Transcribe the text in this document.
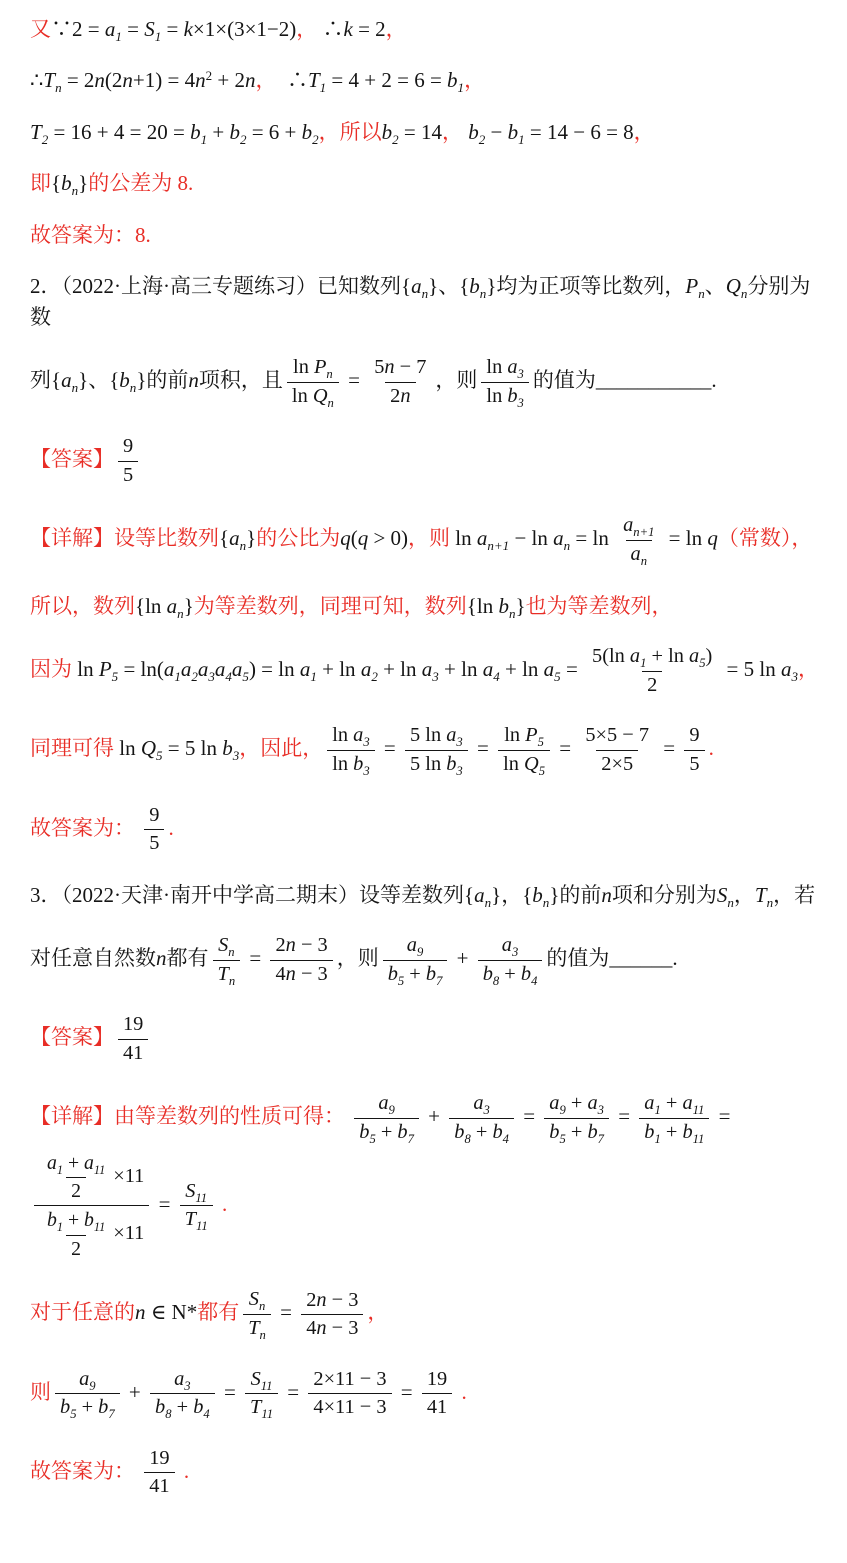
又∵2 = $a_1 = S_1 = k\times 1\times(3\times 1-2)$， ∴k = 2，
$\therefore T_n = 2n(2n+1) = 4n^2 + 2n$，  $\therefore T_1 = 4 + 2 = 6 = b_1$，
$T_2 = 16 + 4 = 20 = b_1 + b_2 = 6 + b_2$，所以$b_2 = 14$， $b_2 - b_1 = 14 - 6 = 8$，
即$\{b_n\}$的公差为 8.
故答案为：8.
2．（2022·上海·高三专题练习）已知数列$\{a_n\}$、$\{b_n\}$均为正项等比数列，$P_n$、$Q_n$分别为数
列$\{a_n\}$、$\{b_n\}$的前n项积，且 $\frac{\ln P_n}{\ln Q_n} = \frac{5n - 7}{2n}$ ，则 $\frac{\ln a_3}{\ln b_3}$ 的值为___________.
【答案】 $\frac{9}{5}$
【详解】设等比数列$\{a_n\}$的公比为q(q > 0)，则 $\ln a_{n+1} - \ln a_n = \ln \frac{a_{n+1}}{a_n} = \ln q$（常数），
所以，数列{ln $a_n$}为等差数列，同理可知，数列{ln $b_n$}也为等差数列，
因为 $\ln P_5 = \ln(a_1a_2a_3a_4a_5) = \ln a_1 + \ln a_2 + \ln a_3 + \ln a_4 + \ln a_5 = \frac{5(\ln a_1 + \ln a_5)}{2} = 5$ $\ln a_3$，
同理可得 $\ln Q_5 = 5$ $\ln b_3$，因此， $\frac{\ln a_3}{\ln b_3} = \frac{5 \ln a_3}{5 \ln b_3} = \frac{\ln P_5}{\ln Q_5} = \frac{5\times 5 - 7}{2\times 5} = \frac{9}{5}$ .
故答案为： $\frac{9}{5}$ .
3．（2022·天津·南开中学高二期末）设等差数列$\{a_n\}$，$\{b_n\}$的前n项和分别为$S_n$，$T_n$，若
对任意自然数n都有 $\frac{S_n}{T_n} = \frac{2n - 3}{4n - 3}$ ，则 $\frac{a_9}{b_5 + b_7} + \frac{a_3}{b_8 + b_4}$ 的值为______.
【答案】 $\frac{19}{41}$
【详解】由等差数列的性质可得： $\frac{a_9}{b_5 + b_7} + \frac{a_3}{b_8 + b_4} = \frac{a_9 + a_3}{b_5 + b_7} = \frac{a_1 + a_{11}}{b_1 + b_{11}}$ =
$\frac{\frac{a_1 + a_{11}}{2} \times 11}{\frac{b_1 + b_{11}}{2} \times 11} = \frac{S_{11}}{T_{11}}$ .
对于任意的n ∈ N*都有 $\frac{S_n}{T_n} = \frac{2n - 3}{4n - 3}$ ，
则 $\frac{a_9}{b_5 + b_7} + \frac{a_3}{b_8 + b_4} = \frac{S_{11}}{T_{11}} = \frac{2\times 11 - 3}{4\times 11 - 3} = \frac{19}{41}$ .
故答案为： $\frac{19}{41}$ .
